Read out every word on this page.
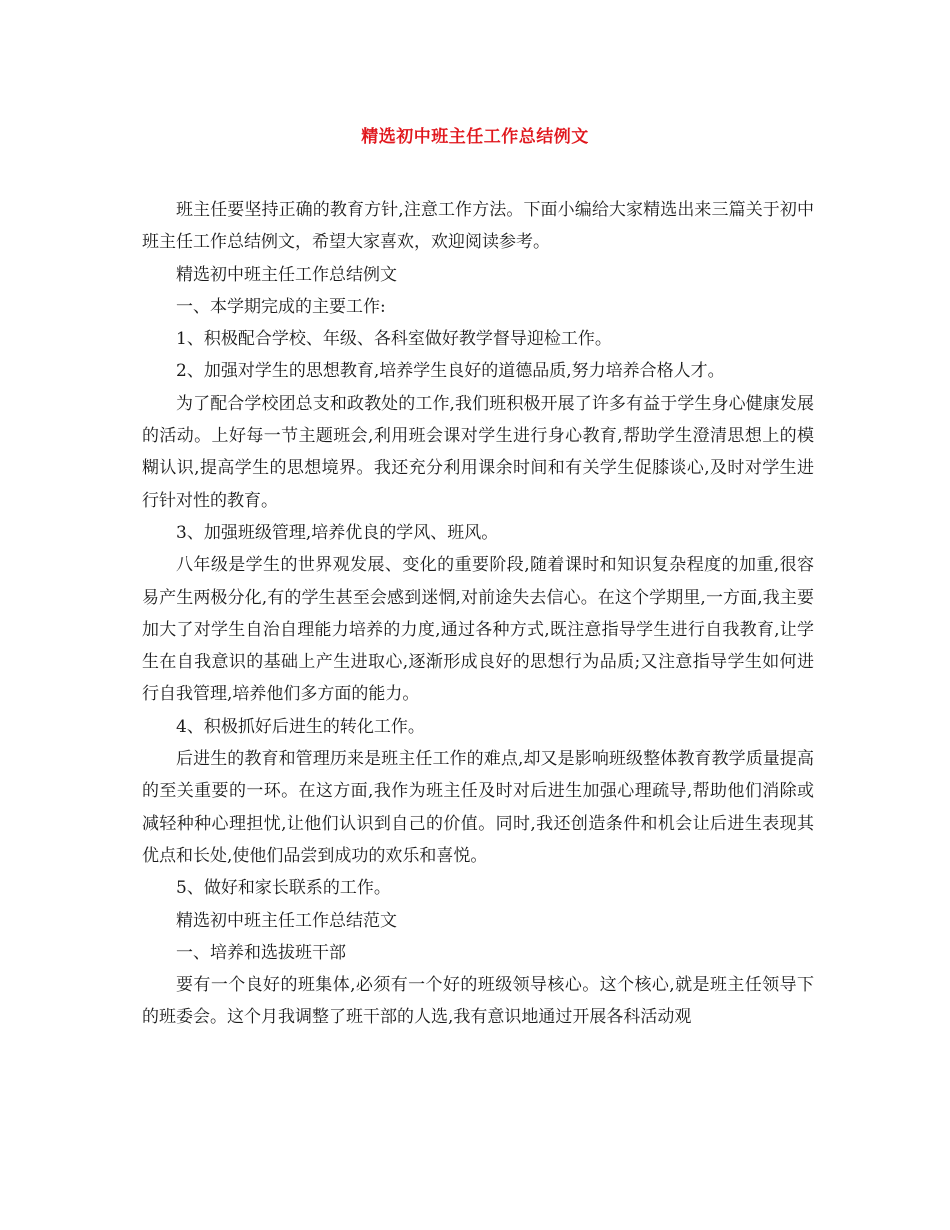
精选初中班主任工作总结例文

班主任要坚持正确的教育方针,注意工作方法。下面小编给大家精选出来三篇关于初中班主任工作总结例文，希望大家喜欢，欢迎阅读参考。

精选初中班主任工作总结例文

一、本学期完成的主要工作:

1、积极配合学校、年级、各科室做好教学督导迎检工作。

2、加强对学生的思想教育,培养学生良好的道德品质,努力培养合格人才。

为了配合学校团总支和政教处的工作,我们班积极开展了许多有益于学生身心健康发展的活动。上好每一节主题班会,利用班会课对学生进行身心教育,帮助学生澄清思想上的模糊认识,提高学生的思想境界。我还充分利用课余时间和有关学生促膝谈心,及时对学生进行针对性的教育。

3、加强班级管理,培养优良的学风、班风。

八年级是学生的世界观发展、变化的重要阶段,随着课时和知识复杂程度的加重,很容易产生两极分化,有的学生甚至会感到迷惘,对前途失去信心。在这个学期里,一方面,我主要加大了对学生自治自理能力培养的力度,通过各种方式,既注意指导学生进行自我教育,让学生在自我意识的基础上产生进取心,逐渐形成良好的思想行为品质;又注意指导学生如何进行自我管理,培养他们多方面的能力。

4、积极抓好后进生的转化工作。

后进生的教育和管理历来是班主任工作的难点,却又是影响班级整体教育教学质量提高的至关重要的一环。在这方面,我作为班主任及时对后进生加强心理疏导,帮助他们消除或减轻种种心理担忧,让他们认识到自己的价值。同时,我还创造条件和机会让后进生表现其优点和长处,使他们品尝到成功的欢乐和喜悦。

5、做好和家长联系的工作。

精选初中班主任工作总结范文

一、培养和选拔班干部

要有一个良好的班集体,必须有一个好的班级领导核心。这个核心,就是班主任领导下的班委会。这个月我调整了班干部的人选,我有意识地通过开展各科活动观
